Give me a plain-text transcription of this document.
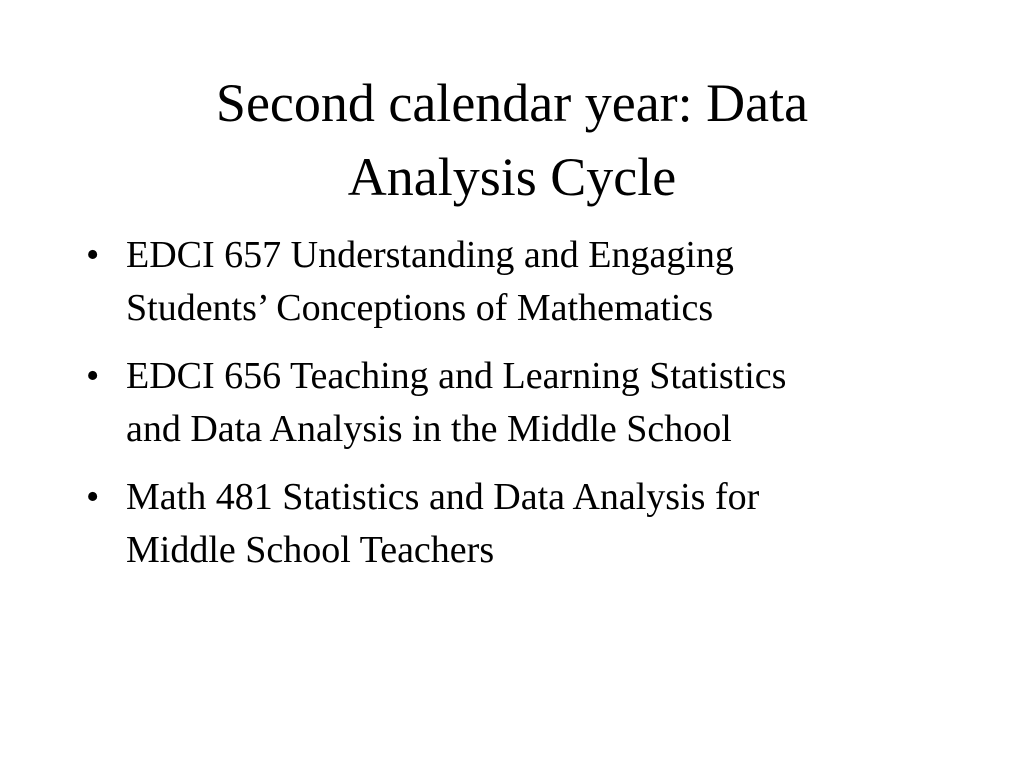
Second calendar year: Data
Analysis Cycle
• EDCI 657 Understanding and Engaging
Students’ Conceptions of Mathematics
• EDCI 656 Teaching and Learning Statistics
and Data Analysis in the Middle School
• Math 481 Statistics and Data Analysis for
Middle School Teachers
